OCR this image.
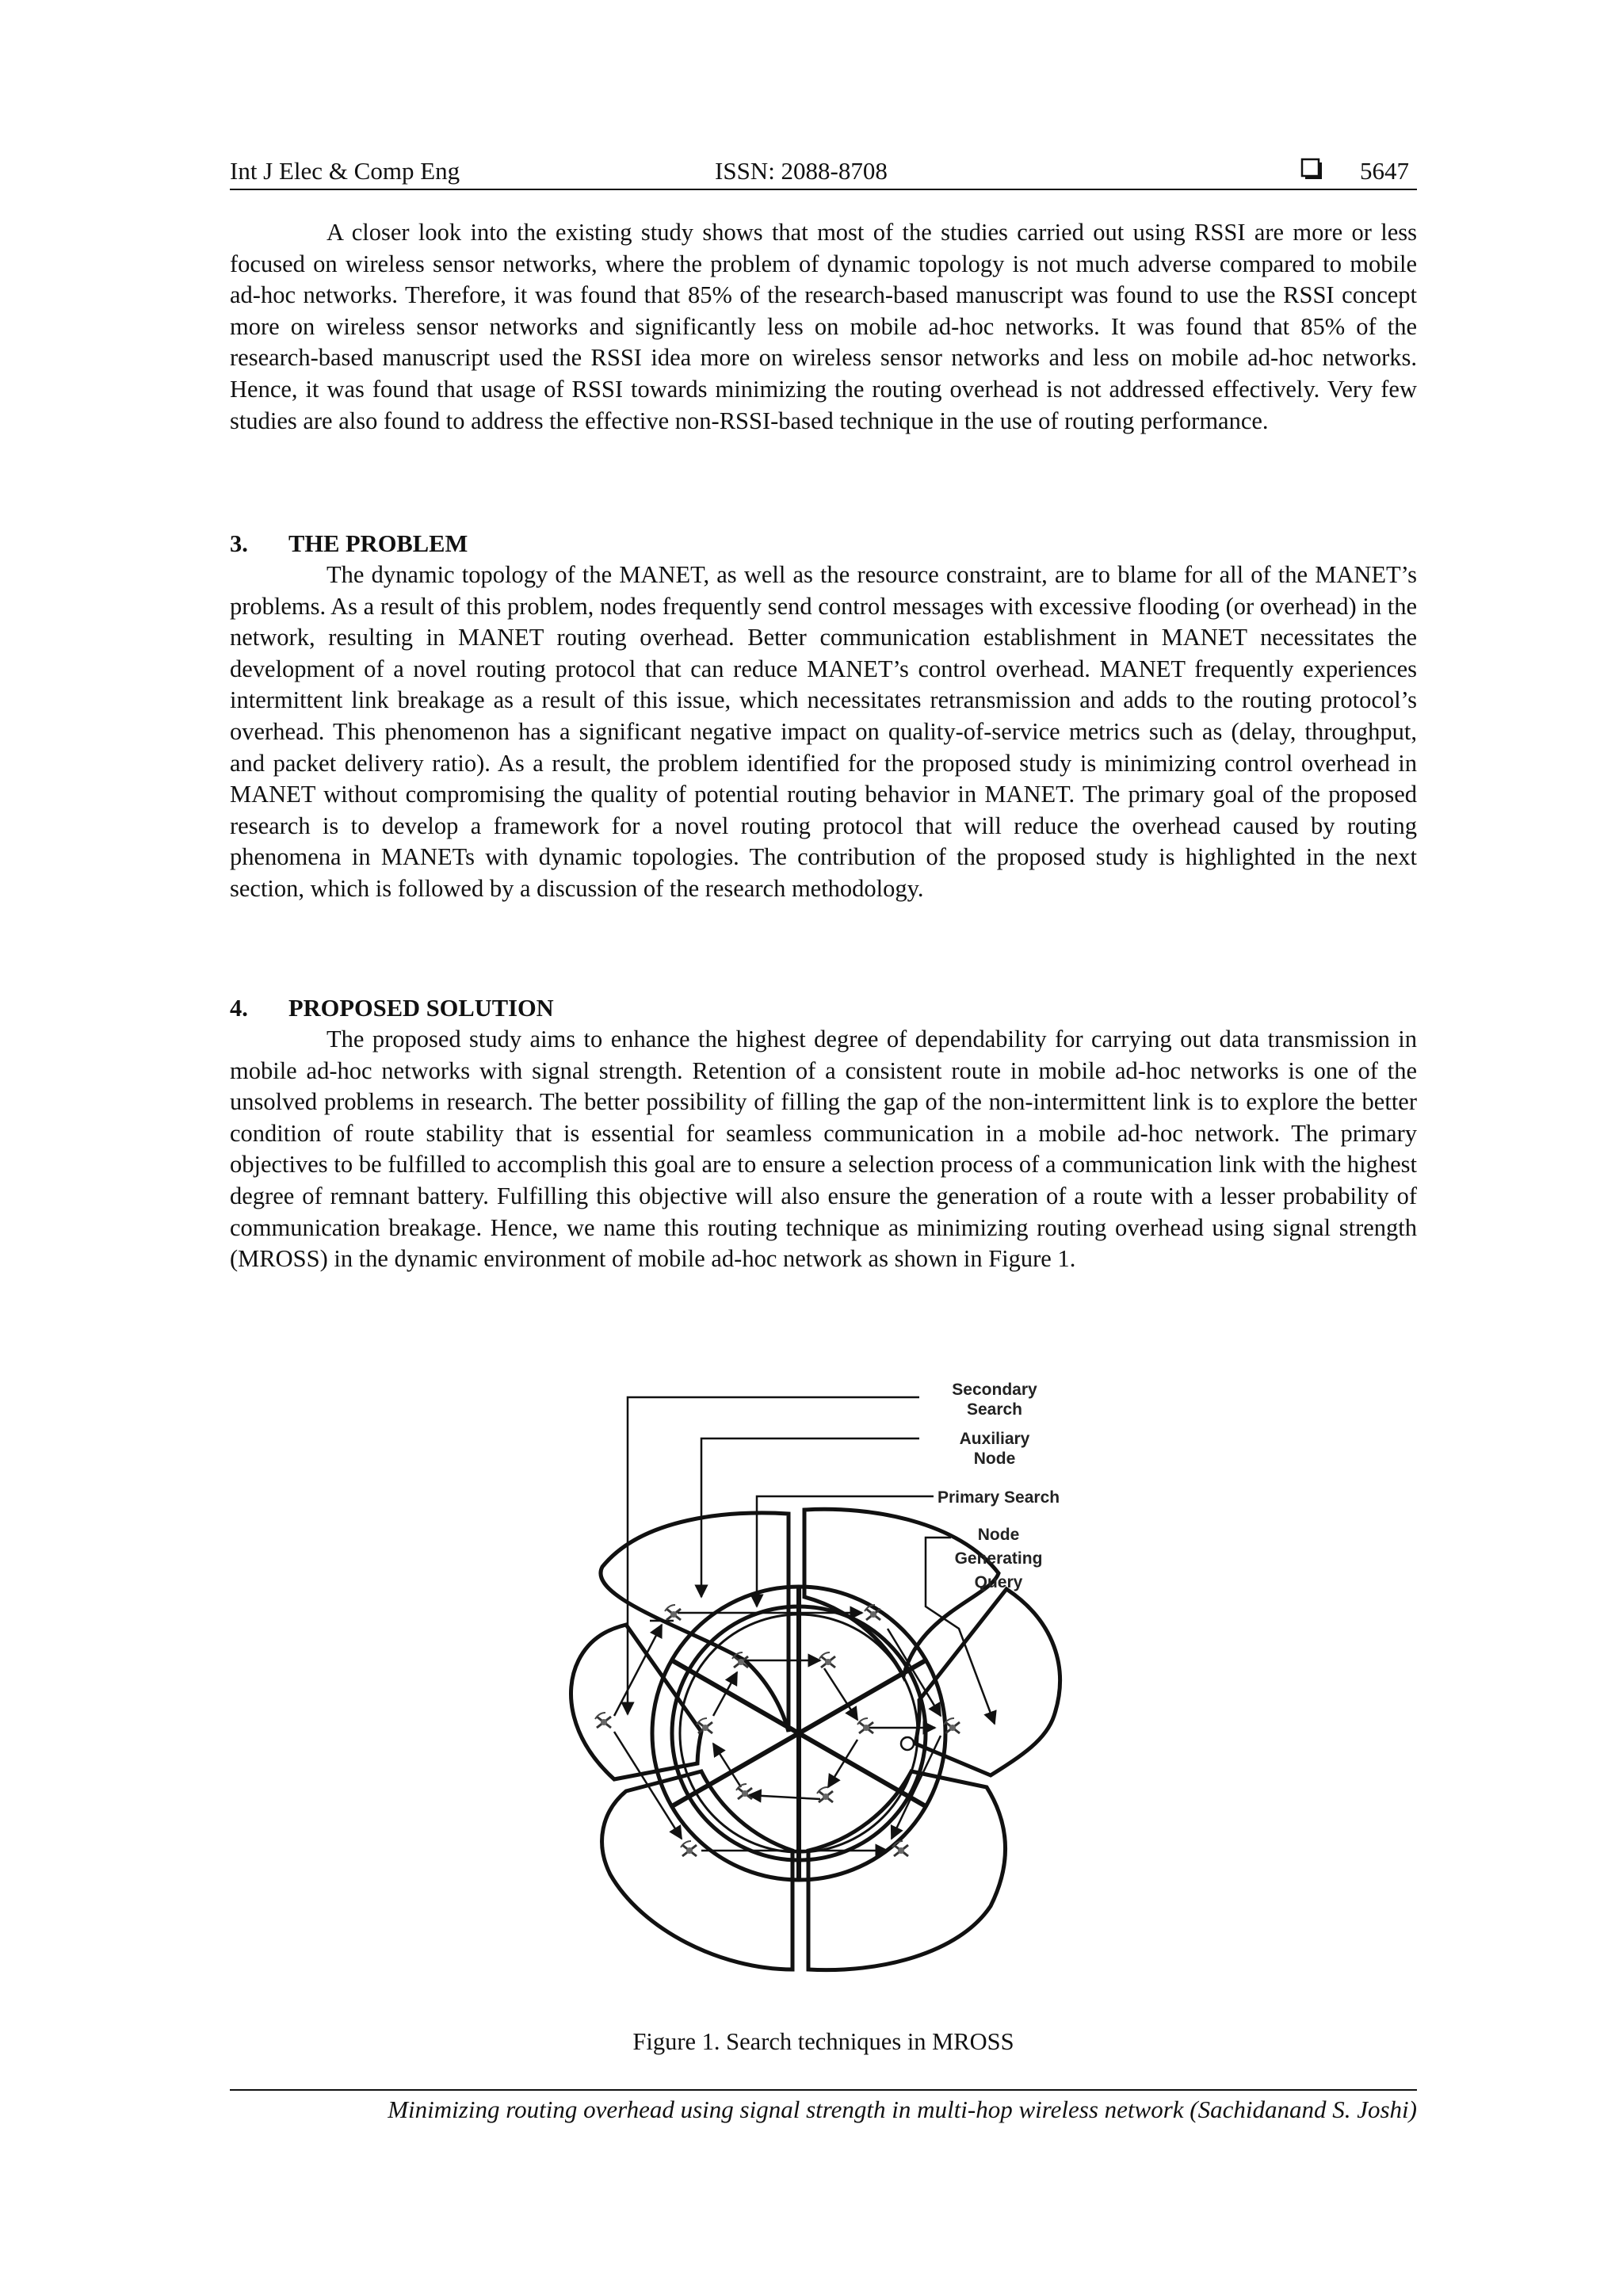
Int J Elec & Comp Eng	ISSN: 2088-8708	5647

A closer look into the existing study shows that most of the studies carried out using RSSI are more or less focused on wireless sensor networks, where the problem of dynamic topology is not much adverse compared to mobile ad-hoc networks. Therefore, it was found that 85% of the research-based manuscript was found to use the RSSI concept more on wireless sensor networks and significantly less on mobile ad-hoc networks. It was found that 85% of the research-based manuscript used the RSSI idea more on wireless sensor networks and less on mobile ad-hoc networks. Hence, it was found that usage of RSSI towards minimizing the routing overhead is not addressed effectively. Very few studies are also found to address the effective non-RSSI-based technique in the use of routing performance.

3. THE PROBLEM

The dynamic topology of the MANET, as well as the resource constraint, are to blame for all of the MANET’s problems. As a result of this problem, nodes frequently send control messages with excessive flooding (or overhead) in the network, resulting in MANET routing overhead. Better communication establishment in MANET necessitates the development of a novel routing protocol that can reduce MANET’s control overhead. MANET frequently experiences intermittent link breakage as a result of this issue, which necessitates retransmission and adds to the routing protocol’s overhead. This phenomenon has a significant negative impact on quality-of-service metrics such as (delay, throughput, and packet delivery ratio). As a result, the problem identified for the proposed study is minimizing control overhead in MANET without compromising the quality of potential routing behavior in MANET. The primary goal of the proposed research is to develop a framework for a novel routing protocol that will reduce the overhead caused by routing phenomena in MANETs with dynamic topologies. The contribution of the proposed study is highlighted in the next section, which is followed by a discussion of the research methodology.

4. PROPOSED SOLUTION

The proposed study aims to enhance the highest degree of dependability for carrying out data transmission in mobile ad-hoc networks with signal strength. Retention of a consistent route in mobile ad-hoc networks is one of the unsolved problems in research. The better possibility of filling the gap of the non-intermittent link is to explore the better condition of route stability that is essential for seamless communication in a mobile ad-hoc network. The primary objectives to be fulfilled to accomplish this goal are to ensure a selection process of a communication link with the highest degree of remnant battery. Fulfilling this objective will also ensure the generation of a route with a lesser probability of communication breakage. Hence, we name this routing technique as minimizing routing overhead using signal strength (MROSS) in the dynamic environment of mobile ad-hoc network as shown in Figure 1.

Secondary
Search
Auxiliary
Node
Primary Search
Node
Generating
Query
Figure 1. Search techniques in MROSS
Minimizing routing overhead using signal strength in multi-hop wireless network (Sachidanand S. Joshi)
